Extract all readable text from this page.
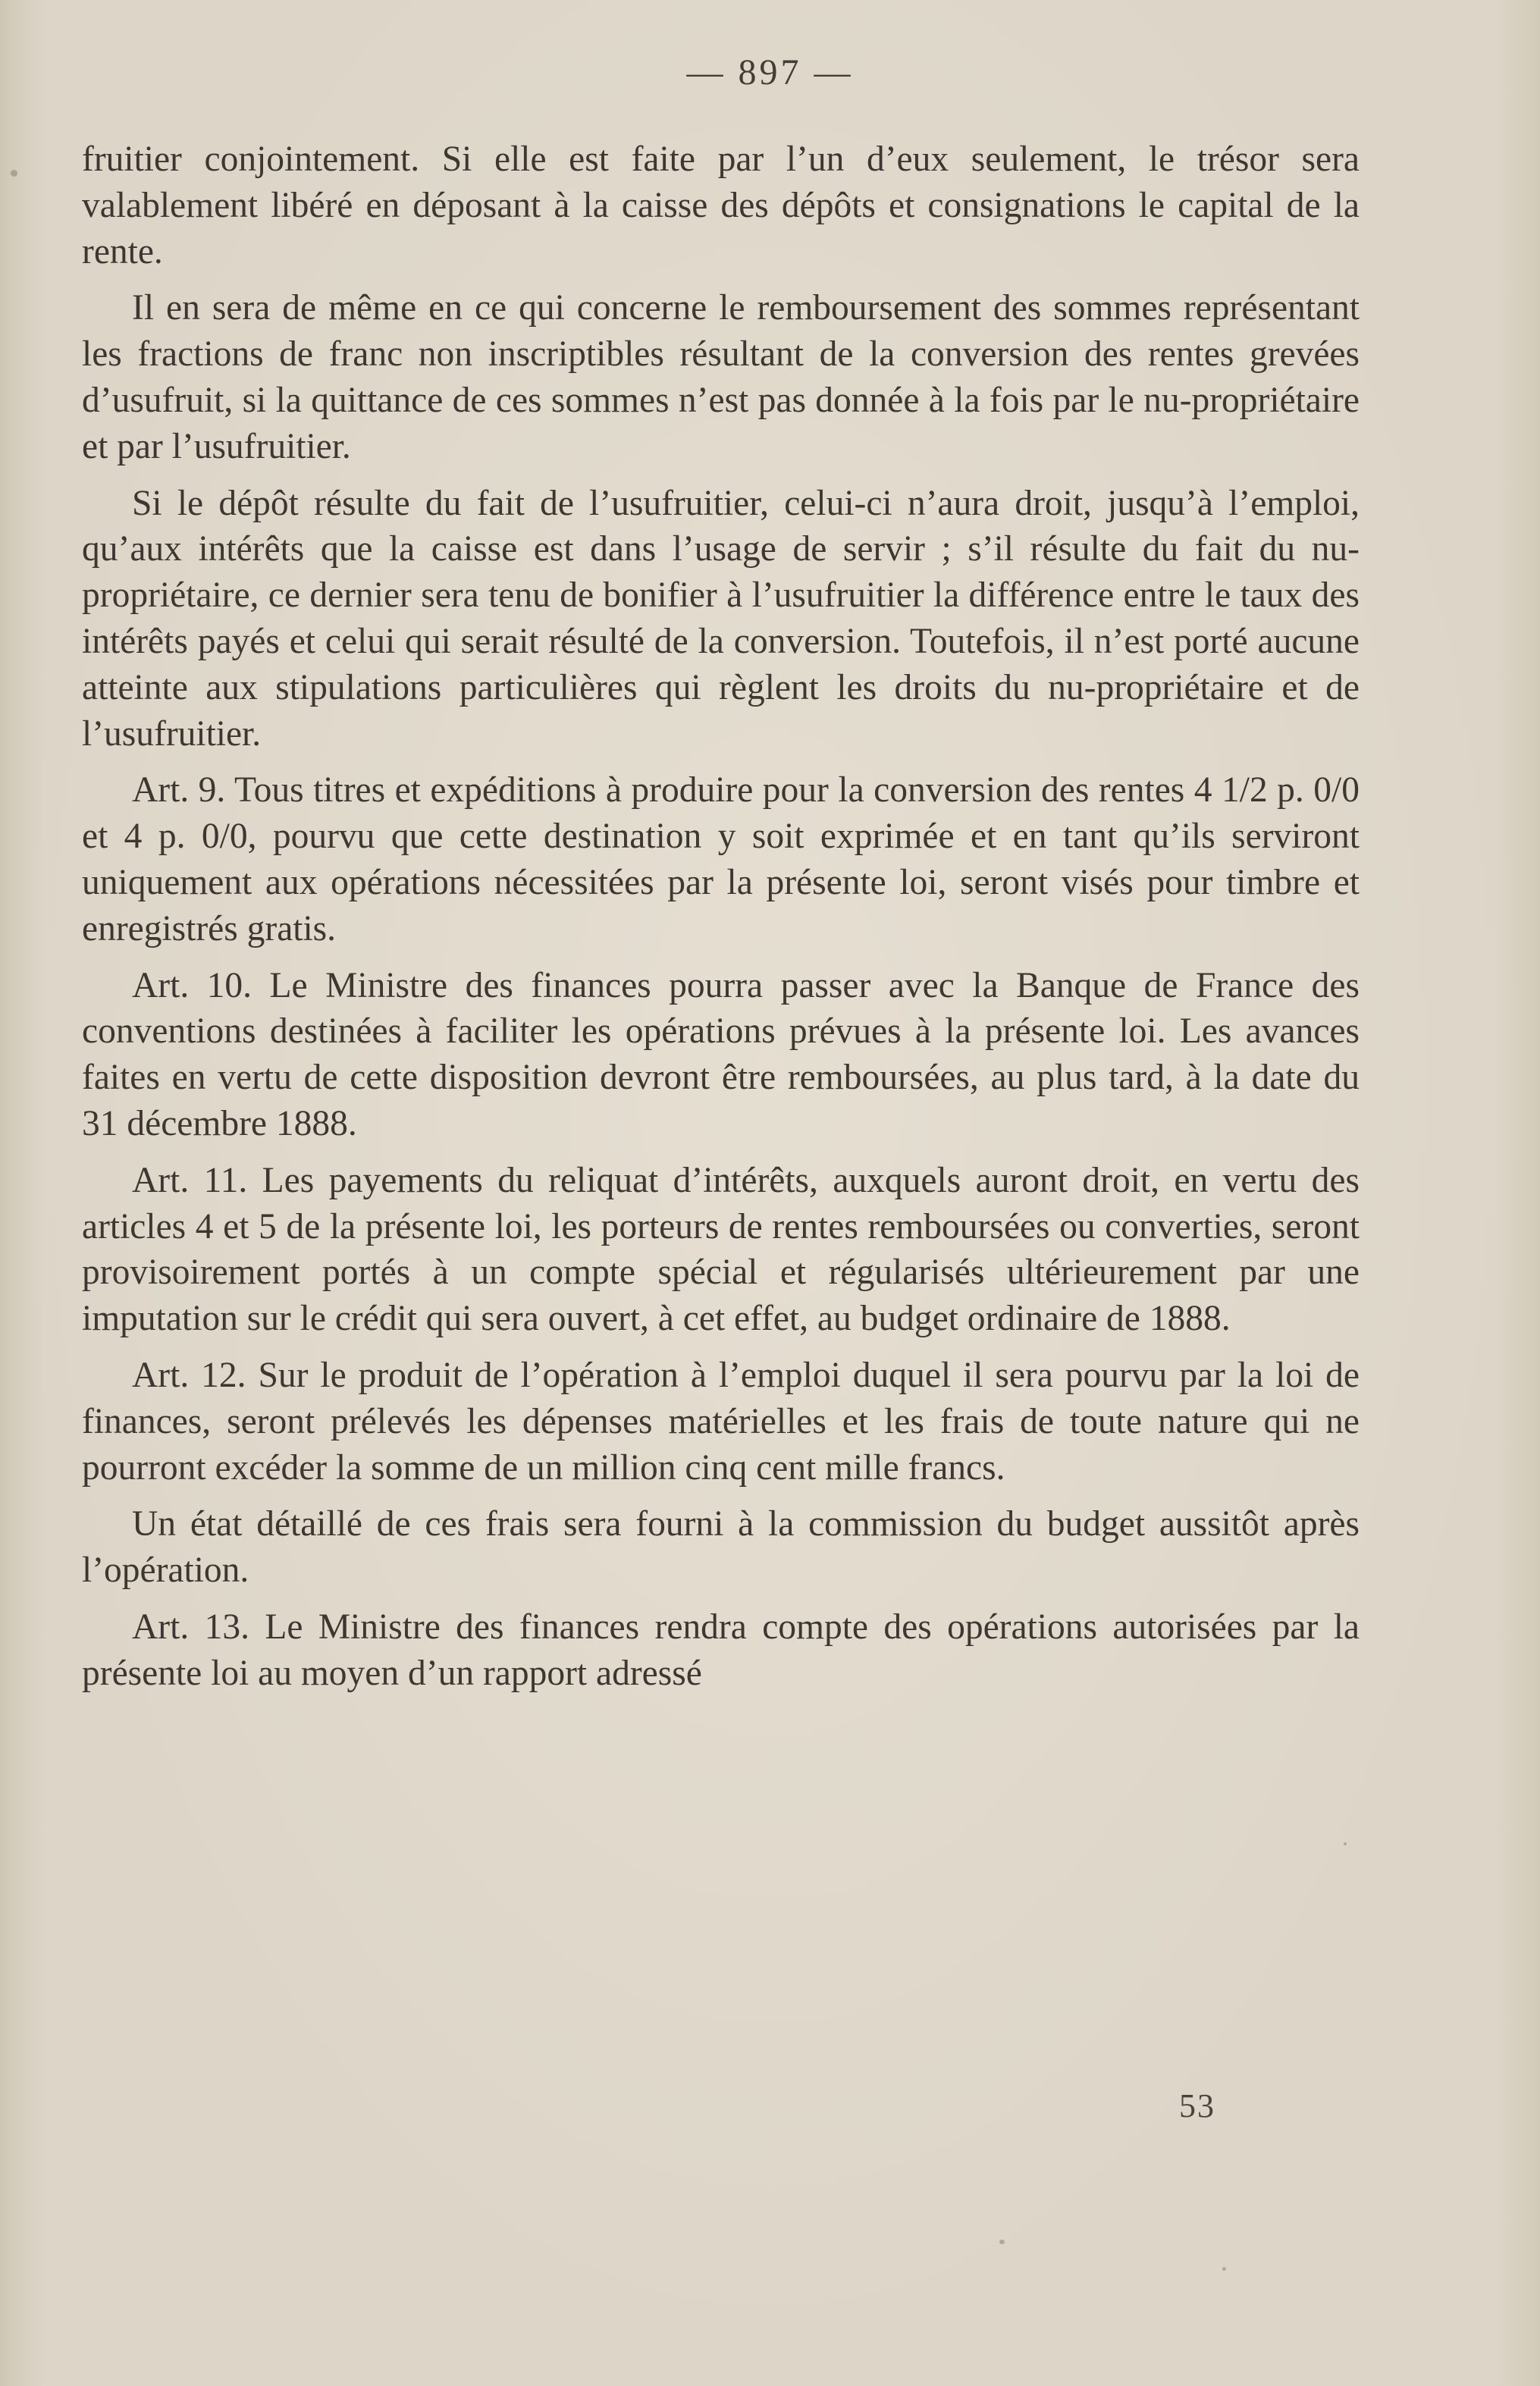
— 897 —

fruitier conjointement. Si elle est faite par l’un d’eux seulement, le trésor sera valablement libéré en déposant à la caisse des dépôts et consignations le capital de la rente.

Il en sera de même en ce qui concerne le remboursement des sommes représentant les fractions de franc non inscriptibles résultant de la conversion des rentes grevées d’usufruit, si la quittance de ces sommes n’est pas donnée à la fois par le nu-propriétaire et par l’usufruitier.

Si le dépôt résulte du fait de l’usufruitier, celui-ci n’aura droit, jusqu’à l’emploi, qu’aux intérêts que la caisse est dans l’usage de servir ; s’il résulte du fait du nu-propriétaire, ce dernier sera tenu de bonifier à l’usufruitier la différence entre le taux des intérêts payés et celui qui serait résulté de la conversion. Toutefois, il n’est porté aucune atteinte aux stipulations particulières qui règlent les droits du nu-propriétaire et de l’usufruitier.

Art. 9. Tous titres et expéditions à produire pour la conversion des rentes 4 1/2 p. 0/0 et 4 p. 0/0, pourvu que cette destination y soit exprimée et en tant qu’ils serviront uniquement aux opérations nécessitées par la présente loi, seront visés pour timbre et enregistrés gratis.

Art. 10. Le Ministre des finances pourra passer avec la Banque de France des conventions destinées à faciliter les opérations prévues à la présente loi. Les avances faites en vertu de cette disposition devront être remboursées, au plus tard, à la date du 31 décembre 1888.

Art. 11. Les payements du reliquat d’intérêts, auxquels auront droit, en vertu des articles 4 et 5 de la présente loi, les porteurs de rentes remboursées ou converties, seront provisoirement portés à un compte spécial et régularisés ultérieurement par une imputation sur le crédit qui sera ouvert, à cet effet, au budget ordinaire de 1888.

Art. 12. Sur le produit de l’opération à l’emploi duquel il sera pourvu par la loi de finances, seront prélevés les dépenses matérielles et les frais de toute nature qui ne pourront excéder la somme de un million cinq cent mille francs.

Un état détaillé de ces frais sera fourni à la commission du budget aussitôt après l’opération.

Art. 13. Le Ministre des finances rendra compte des opérations autorisées par la présente loi au moyen d’un rapport adressé

53
